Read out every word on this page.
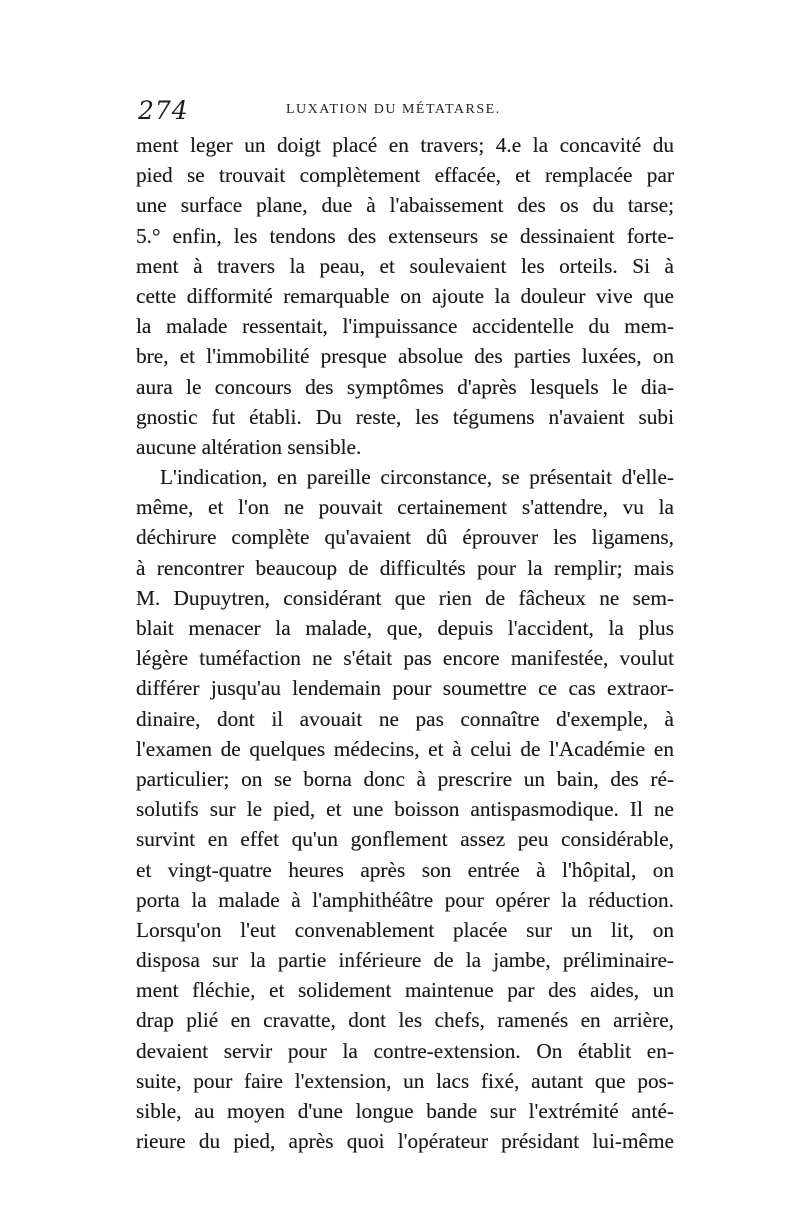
274	LUXATION DU MÉTATARSE.
ment leger un doigt placé en travers; 4.e la concavité du
pied se trouvait complètement effacée, et remplacée par
une surface plane, due à l'abaissement des os du tarse;
5.° enfin, les tendons des extenseurs se dessinaient forte-
ment à travers la peau, et soulevaient les orteils. Si à
cette difformité remarquable on ajoute la douleur vive que
la malade ressentait, l'impuissance accidentelle du mem-
bre, et l'immobilité presque absolue des parties luxées, on
aura le concours des symptômes d'après lesquels le dia-
gnostic fut établi. Du reste, les tégumens n'avaient subi
aucune altération sensible.
L'indication, en pareille circonstance, se présentait d'elle-
même, et l'on ne pouvait certainement s'attendre, vu la
déchirure complète qu'avaient dû éprouver les ligamens,
à rencontrer beaucoup de difficultés pour la remplir; mais
M. Dupuytren, considérant que rien de fâcheux ne sem-
blait menacer la malade, que, depuis l'accident, la plus
légère tuméfaction ne s'était pas encore manifestée, voulut
différer jusqu'au lendemain pour soumettre ce cas extraor-
dinaire, dont il avouait ne pas connaître d'exemple, à
l'examen de quelques médecins, et à celui de l'Académie en
particulier; on se borna donc à prescrire un bain, des ré-
solutifs sur le pied, et une boisson antispasmodique. Il ne
survint en effet qu'un gonflement assez peu considérable,
et vingt-quatre heures après son entrée à l'hôpital, on
porta la malade à l'amphithéâtre pour opérer la réduction.
Lorsqu'on l'eut convenablement placée sur un lit, on
disposa sur la partie inférieure de la jambe, préliminaire-
ment fléchie, et solidement maintenue par des aides, un
drap plié en cravatte, dont les chefs, ramenés en arrière,
devaient servir pour la contre-extension. On établit en-
suite, pour faire l'extension, un lacs fixé, autant que pos-
sible, au moyen d'une longue bande sur l'extrémité anté-
rieure du pied, après quoi l'opérateur présidant lui-même
